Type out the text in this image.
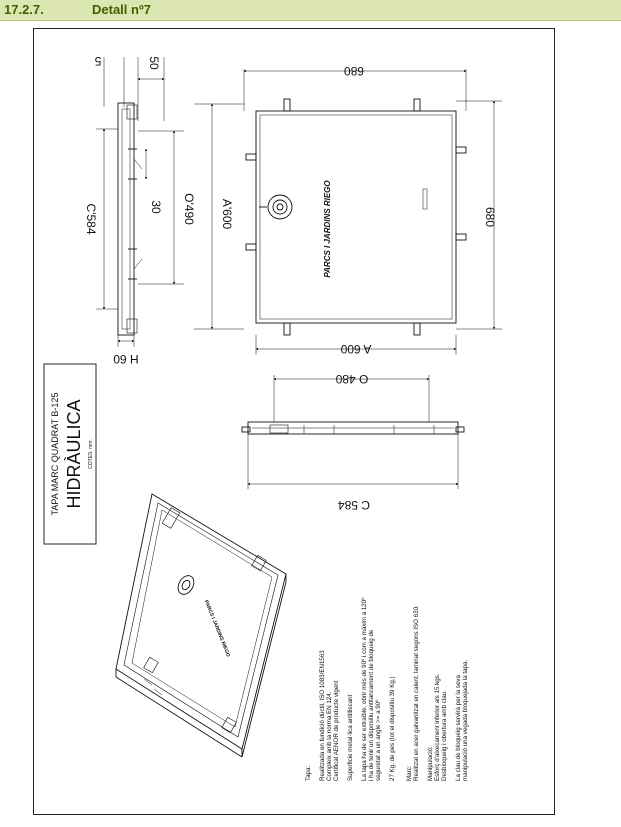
17.2.7.	Detall nº7
5	50
C'584	O'490
30	A'600
H 60
680
680
A 600
O 480
C 584
PARCS I JARDINS RIEGO
PARCS I JARDINS RIEGO
TAPA MARC QUADRAT B-125 HIDRÀULICA COTES: mm.
Tapa: Realitzada en fundició dúctil, ISO 1083/EN1563 Compleix amb la norma EN 124. Certificat AENOR de producte vigent Superficie metal·lica antilliscant La tapa ha de ser extraïble, obrir més de 90º i com a màxim a 120º i ha de tenir un dispositiu antitancament de bloqueig de seguretat a un angle >= a 90º 27 Kg. de pes (tot el dispositiu 39 Kg.) Marc: Realitzat en acer galvanitzat en calent, laminat segons ISO 630. Manipulació: Esforç d'aixecament inferior als 15 kgs. Desbloqueig i obertura amb clau. La clau de bloqueig servirà per la seva manipulació una vegada bloquejada la tapa.
